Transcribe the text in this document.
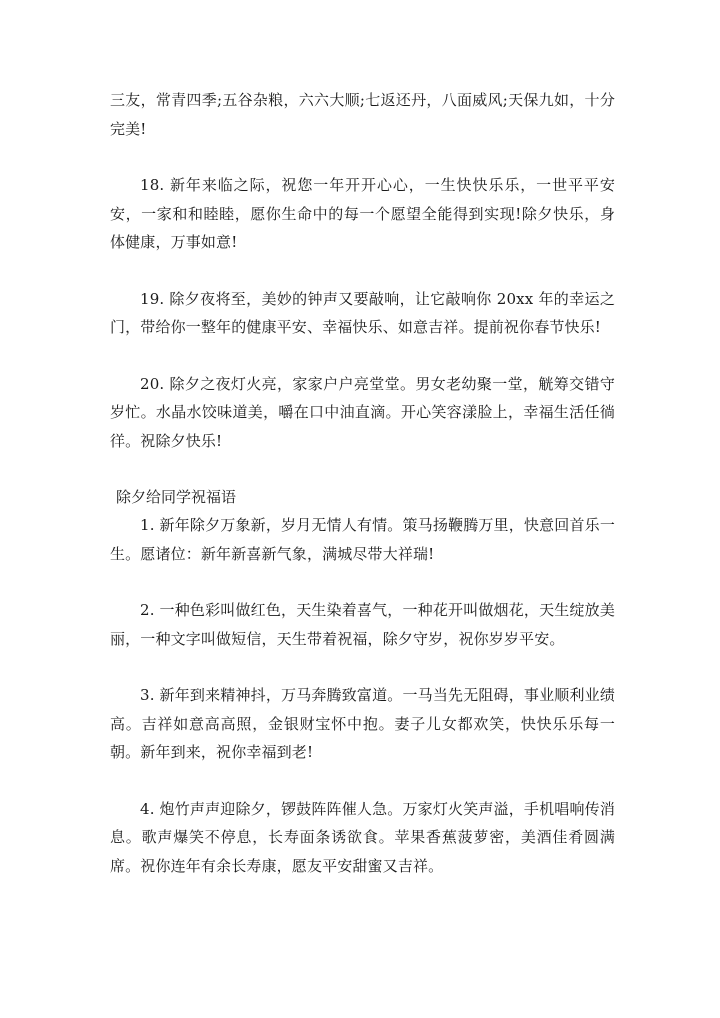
三友，常青四季;五谷杂粮，六六大顺;七返还丹，八面威风;天保九如，十分完美!

18. 新年来临之际，祝您一年开开心心，一生快快乐乐，一世平平安安，一家和和睦睦，愿你生命中的每一个愿望全能得到实现!除夕快乐，身体健康，万事如意!

19. 除夕夜将至，美妙的钟声又要敲响，让它敲响你 20xx 年的幸运之门，带给你一整年的健康平安、幸福快乐、如意吉祥。提前祝你春节快乐!

20. 除夕之夜灯火亮，家家户户亮堂堂。男女老幼聚一堂，觥筹交错守岁忙。水晶水饺味道美，嚼在口中油直滴。开心笑容漾脸上，幸福生活任徜徉。祝除夕快乐!

除夕给同学祝福语

1. 新年除夕万象新，岁月无情人有情。策马扬鞭腾万里，快意回首乐一生。愿诸位：新年新喜新气象，满城尽带大祥瑞!

2. 一种色彩叫做红色，天生染着喜气，一种花开叫做烟花，天生绽放美丽，一种文字叫做短信，天生带着祝福，除夕守岁，祝你岁岁平安。

3. 新年到来精神抖，万马奔腾致富道。一马当先无阻碍，事业顺利业绩高。吉祥如意高高照，金银财宝怀中抱。妻子儿女都欢笑，快快乐乐每一朝。新年到来，祝你幸福到老!

4. 炮竹声声迎除夕，锣鼓阵阵催人急。万家灯火笑声溢，手机唱响传消息。歌声爆笑不停息，长寿面条诱欲食。苹果香蕉菠萝密，美酒佳肴圆满席。祝你连年有余长寿康，愿友平安甜蜜又吉祥。
